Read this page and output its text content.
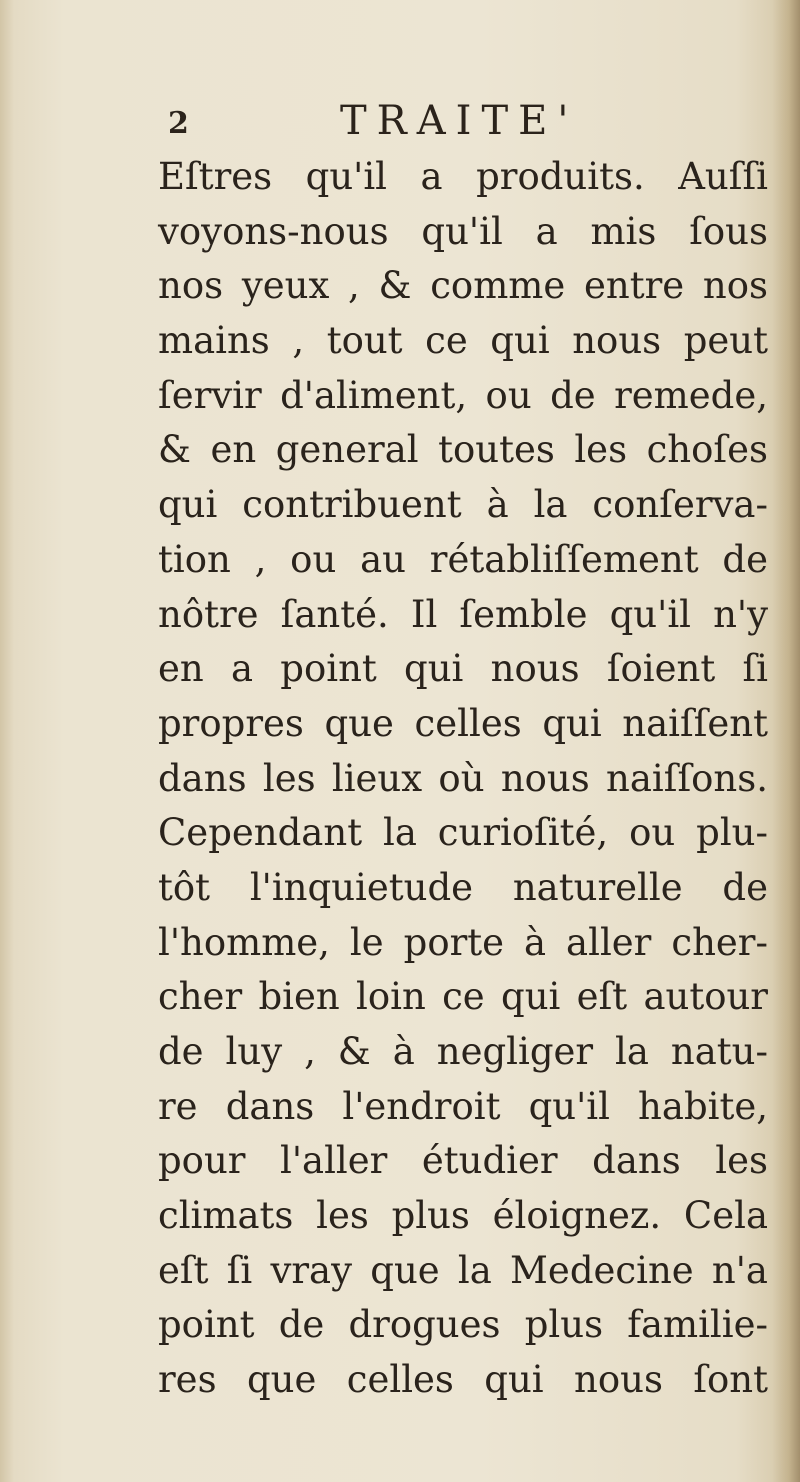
2	TRAITE'
Eſtres qu'il a produits. Auſſi
voyons-nous qu'il a mis ſous
nos yeux , & comme entre nos
mains , tout ce qui nous peut
ſervir d'aliment, ou de remede,
& en general toutes les choſes
qui contribuent à la conſerva-
tion , ou au rétabliſſement de
nôtre ſanté. Il ſemble qu'il n'y
en a point qui nous ſoient ſi
propres que celles qui naiſſent
dans les lieux où nous naiſſons.
Cependant la curioſité, ou plu-
tôt l'inquietude naturelle de
l'homme, le porte à aller cher-
cher bien loin ce qui eſt autour
de luy , & à negliger la natu-
re dans l'endroit qu'il habite,
pour l'aller étudier dans les
climats les plus éloignez. Cela
eſt ſi vray que la Medecine n'a
point de drogues plus familie-
res que celles qui nous ſont
